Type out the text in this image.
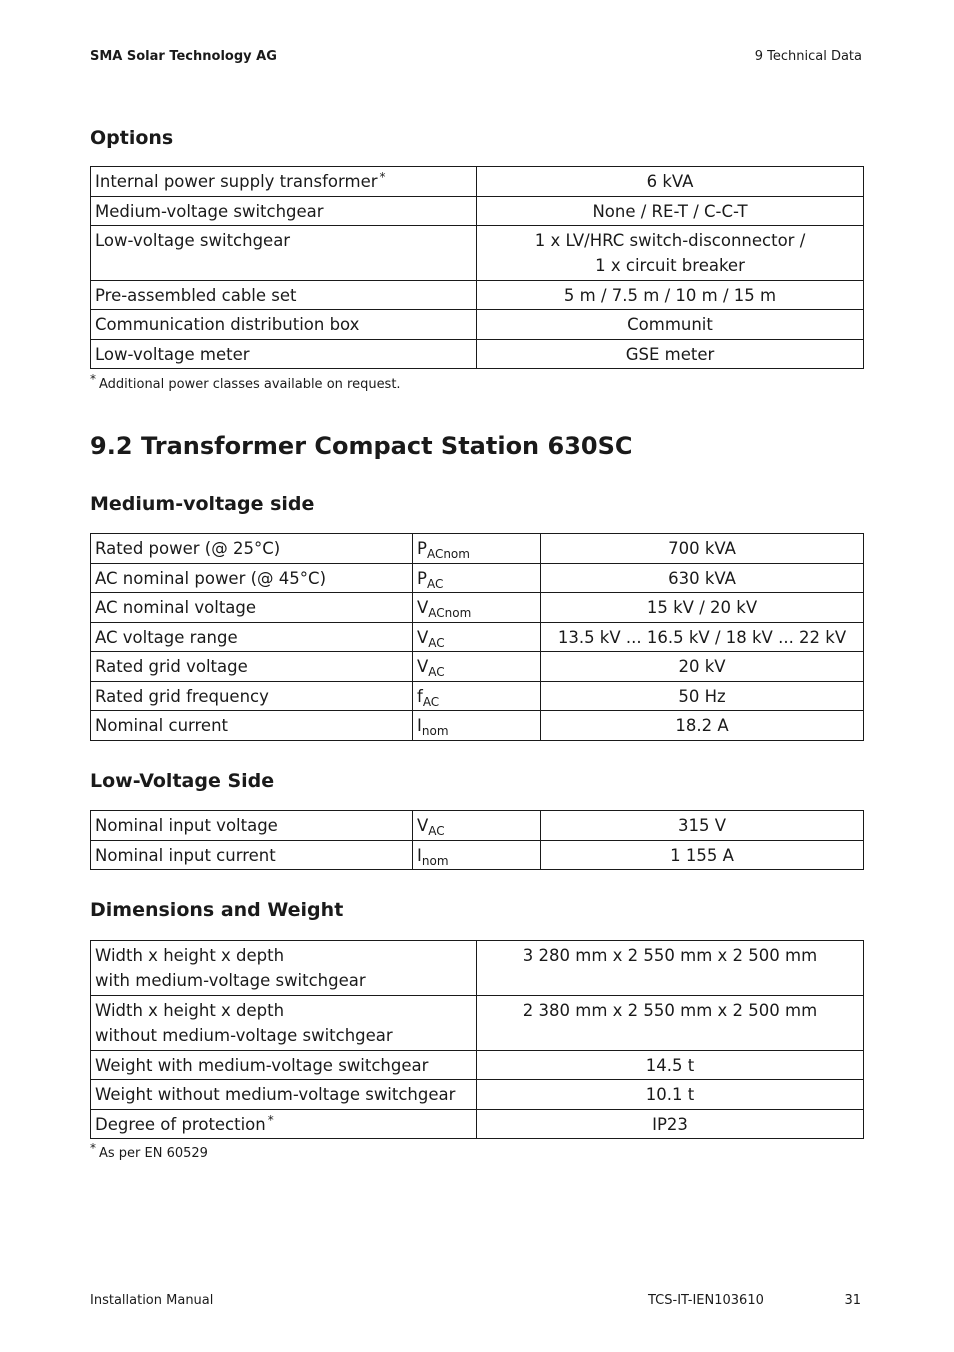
SMA Solar Technology AG	9 Technical Data
Options
Internal power supply transformer *	6 kVA
Medium-voltage switchgear	None / RE-T / C-C-T
Low-voltage switchgear	1 x LV/HRC switch-disconnector /
1 x circuit breaker

Pre-assembled cable set	5 m / 7.5 m / 10 m / 15 m
Communication distribution box	Communit
Low-voltage meter	GSE meter
* Additional power classes available on request.
9.2 Transformer Compact Station 630SC
Medium-voltage side
Rated power (@ 25°C)	$P_{ACnom}$	700 kVA
AC nominal power (@ 45°C)	$P_{AC}$	630 kVA
AC nominal voltage	$V_{ACnom}$	15 kV / 20 kV
AC voltage range	$V_{AC}$	13.5 kV ... 16.5 kV / 18 kV ... 22 kV
Rated grid voltage	$V_{AC}$	20 kV
Rated grid frequency	$f_{AC}$	50 Hz
Nominal current	$I_{nom}$	18.2 A
Low-Voltage Side
Nominal input voltage	$V_{AC}$	315 V
Nominal input current	$I_{nom}$	1 155 A
Dimensions and Weight
Width x height x depth
with medium-voltage switchgear	3 280 mm x 2 550 mm x 2 500 mm

Width x height x depth
without medium-voltage switchgear	2 380 mm x 2 550 mm x 2 500 mm
Weight with medium-voltage switchgear	14.5 t
Weight without medium-voltage switchgear	10.1 t
Degree of protection *	IP23
* As per EN 60529
Installation Manual	TCS-IT-IEN103610	31
